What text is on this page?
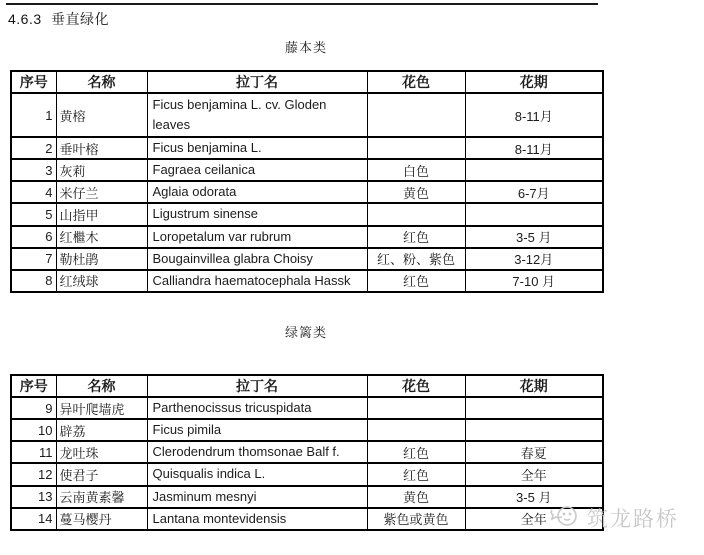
4.6.3 垂直绿化
藤本类
序号	名称	拉丁名	花色	花期
1	黄榕	Ficus benjamina L. cv. Gloden leaves		8-11月
2	垂叶榕	Ficus benjamina L.		8-11月
3	灰莉	Fagraea ceilanica	白色	
4	米仔兰	Aglaia odorata	黄色	6-7月
5	山指甲	Ligustrum sinense		
6	红檵木	Loropetalum var rubrum	红色	3-5 月
7	勒杜鹃	Bougainvillea glabra Choisy	红、粉、紫色	3-12月
8	红绒球	Calliandra haematocephala Hassk	红色	7-10 月
绿篱类
序号	名称	拉丁名	花色	花期
9	异叶爬墙虎	Parthenocissus tricuspidata		
10	辟荔	Ficus pimila		
11	龙吐珠	Clerodendrum thomsonae Balf f.	红色	春夏
12	使君子	Quisqualis indica L.	红色	全年
13	云南黄素馨	Jasminum mesnyi	黄色	3-5 月
14	蔓马樱丹	Lantana montevidensis	紫色或黄色	全年 筑龙路桥
